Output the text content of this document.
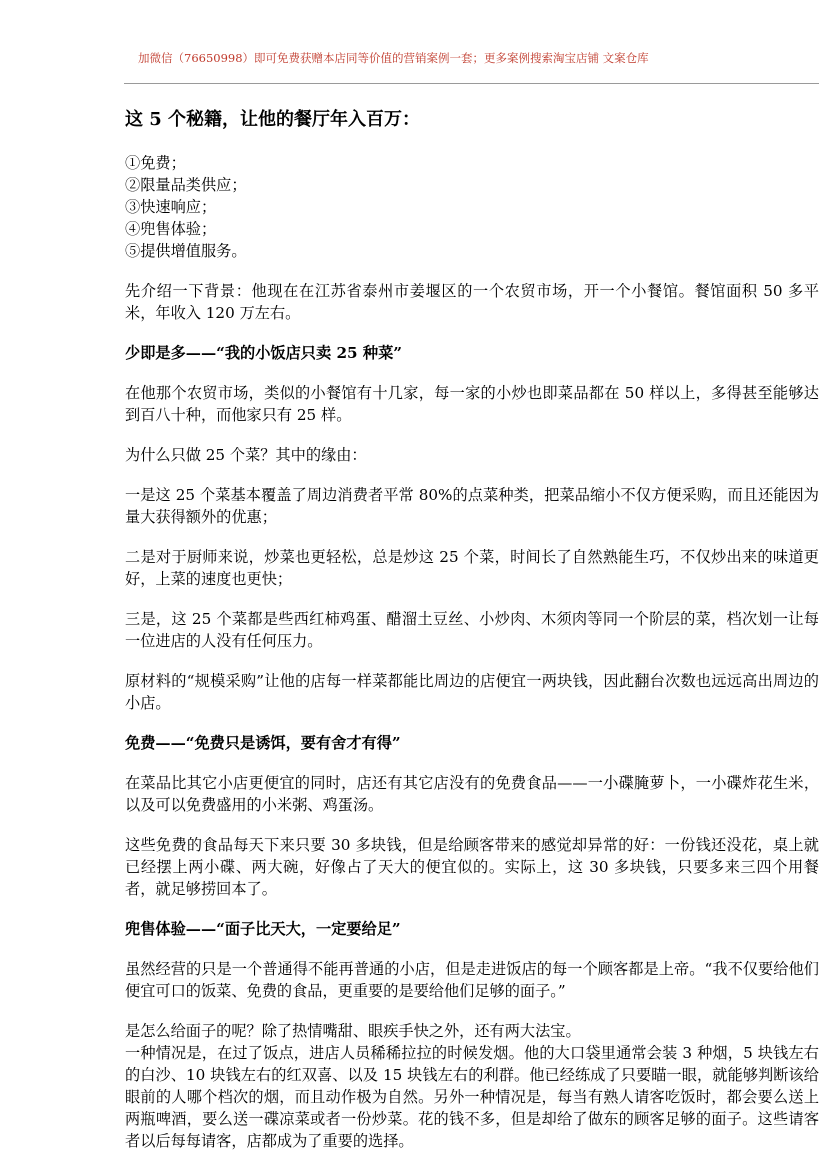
加微信（76650998）即可免费获赠本店同等价值的营销案例一套；更多案例搜索淘宝店铺 文案仓库
这 5 个秘籍，让他的餐厅年入百万：
①免费；
②限量品类供应；
③快速响应；
④兜售体验；
⑤提供增值服务。
先介绍一下背景：他现在在江苏省泰州市姜堰区的一个农贸市场，开一个小餐馆。餐馆面积 50 多平米，年收入 120 万左右。
少即是多——“我的小饭店只卖 25 种菜”
在他那个农贸市场，类似的小餐馆有十几家，每一家的小炒也即菜品都在 50 样以上，多得甚至能够达到百八十种，而他家只有 25 样。
为什么只做 25 个菜？其中的缘由：
一是这 25 个菜基本覆盖了周边消费者平常 80%的点菜种类，把菜品缩小不仅方便采购，而且还能因为量大获得额外的优惠；
二是对于厨师来说，炒菜也更轻松，总是炒这 25 个菜，时间长了自然熟能生巧，不仅炒出来的味道更好，上菜的速度也更快；
三是，这 25 个菜都是些西红柿鸡蛋、醋溜土豆丝、小炒肉、木须肉等同一个阶层的菜，档次划一让每一位进店的人没有任何压力。
原材料的“规模采购”让他的店每一样菜都能比周边的店便宜一两块钱，因此翻台次数也远远高出周边的小店。
免费——“免费只是诱饵，要有舍才有得”
在菜品比其它小店更便宜的同时，店还有其它店没有的免费食品——一小碟腌萝卜，一小碟炸花生米，以及可以免费盛用的小米粥、鸡蛋汤。
这些免费的食品每天下来只要 30 多块钱，但是给顾客带来的感觉却异常的好：一份钱还没花，桌上就已经摆上两小碟、两大碗，好像占了天大的便宜似的。实际上，这 30 多块钱，只要多来三四个用餐者，就足够捞回本了。
兜售体验——“面子比天大，一定要给足”
虽然经营的只是一个普通得不能再普通的小店，但是走进饭店的每一个顾客都是上帝。“我不仅要给他们便宜可口的饭菜、免费的食品，更重要的是要给他们足够的面子。”
是怎么给面子的呢？除了热情嘴甜、眼疾手快之外，还有两大法宝。
一种情况是，在过了饭点，进店人员稀稀拉拉的时候发烟。他的大口袋里通常会装 3 种烟，5 块钱左右的白沙、10 块钱左右的红双喜、以及 15 块钱左右的利群。他已经练成了只要瞄一眼，就能够判断该给眼前的人哪个档次的烟，而且动作极为自然。另外一种情况是，每当有熟人请客吃饭时，都会要么送上两瓶啤酒，要么送一碟凉菜或者一份炒菜。花的钱不多，但是却给了做东的顾客足够的面子。这些请客者以后每每请客，店都成为了重要的选择。
